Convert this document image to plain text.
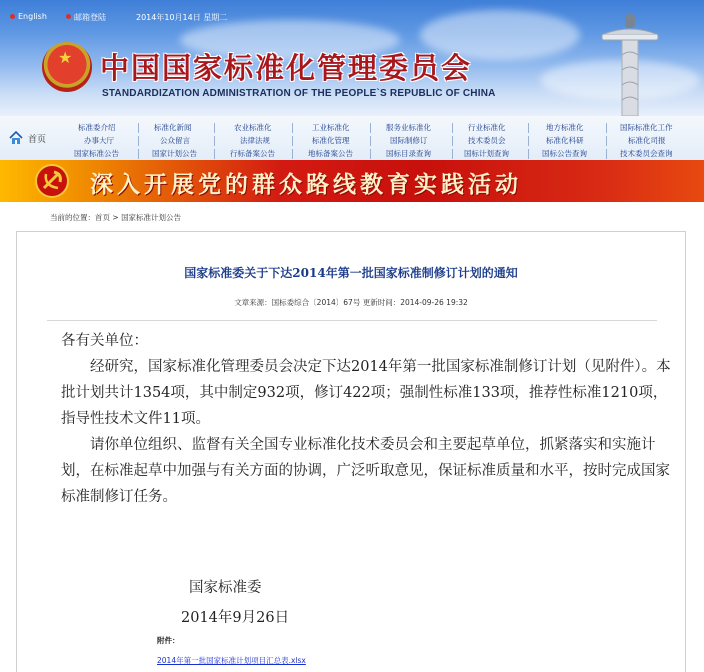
English	邮箱登陆	2014年10月14日 星期二
★ 中国国家标准化管理委员会
STANDARDIZATION ADMINISTRATION OF THE PEOPLE`S REPUBLIC OF CHINA
首页
标准委介绍	标准化新闻	农业标准化	工业标准化	服务业标准化	行业标准化	地方标准化	国际标准化工作
办事大厅	公众留言	法律法规	标准化管理	国际制修订	技术委员会	标准化科研	标准化司报
国家标准公告	国家计划公告	行标备案公告	地标备案公告	国标目录查询	国标计划查询	国标公告查询	技术委员会查询
深入开展党的群众路线教育实践活动
当前的位置：首页 > 国家标准计划公告
国家标准委关于下达2014年第一批国家标准制修订计划的通知
文章来源：国标委综合〔2014〕67号 更新时间：2014-09-26 19:32

各有关单位：

经研究，国家标准化管理委员会决定下达2014年第一批国家标准制修订计划（见附件）。本批计划共计1354项，其中制定932项，修订422项；强制性标准133项，推荐性标准1210项，指导性技术文件11项。

请你单位组织、监督有关全国专业标准化技术委员会和主要起草单位，抓紧落实和实施计划，在标准起草中加强与有关方面的协调，广泛听取意见，保证标准质量和水平，按时完成国家标准制修订任务。

国家标准委
2014年9月26日
附件：
2014年第一批国家标准计划项目汇总表.xlsx
